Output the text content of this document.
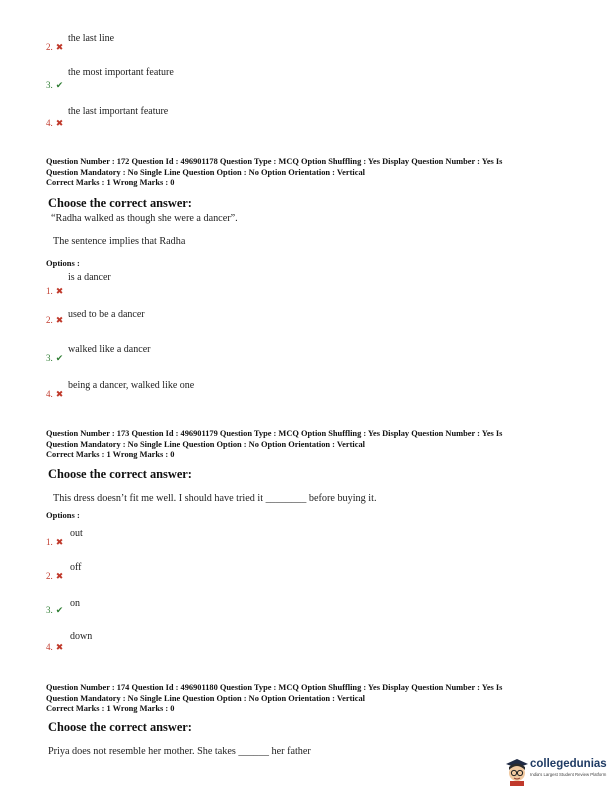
the last line
2. ✖
the most important feature
3. ✔
the last important feature
4. ✖
Question Number : 172 Question Id : 496901178 Question Type : MCQ Option Shuffling : Yes Display Question Number : Yes Is
Question Mandatory : No Single Line Question Option : No Option Orientation : Vertical
Correct Marks : 1 Wrong Marks : 0
Choose the correct answer:
“Radha walked as though she were a dancer”.
The sentence implies that Radha
Options :
is a dancer
1. ✖
used to be a dancer
2. ✖
walked like a dancer
3. ✔
being a dancer, walked like one
4. ✖
Question Number : 173 Question Id : 496901179 Question Type : MCQ Option Shuffling : Yes Display Question Number : Yes Is
Question Mandatory : No Single Line Question Option : No Option Orientation : Vertical
Correct Marks : 1 Wrong Marks : 0
Choose the correct answer:
This dress doesn’t fit me well. I should have tried it ________ before buying it.
Options :
out
1. ✖
off
2. ✖
on
3. ✔
down
4. ✖
Question Number : 174 Question Id : 496901180 Question Type : MCQ Option Shuffling : Yes Display Question Number : Yes Is
Question Mandatory : No Single Line Question Option : No Option Orientation : Vertical
Correct Marks : 1 Wrong Marks : 0
Choose the correct answer:
Priya does not resemble her mother. She takes ______ her father
collegedunias
India's Largest Student Review Platform
